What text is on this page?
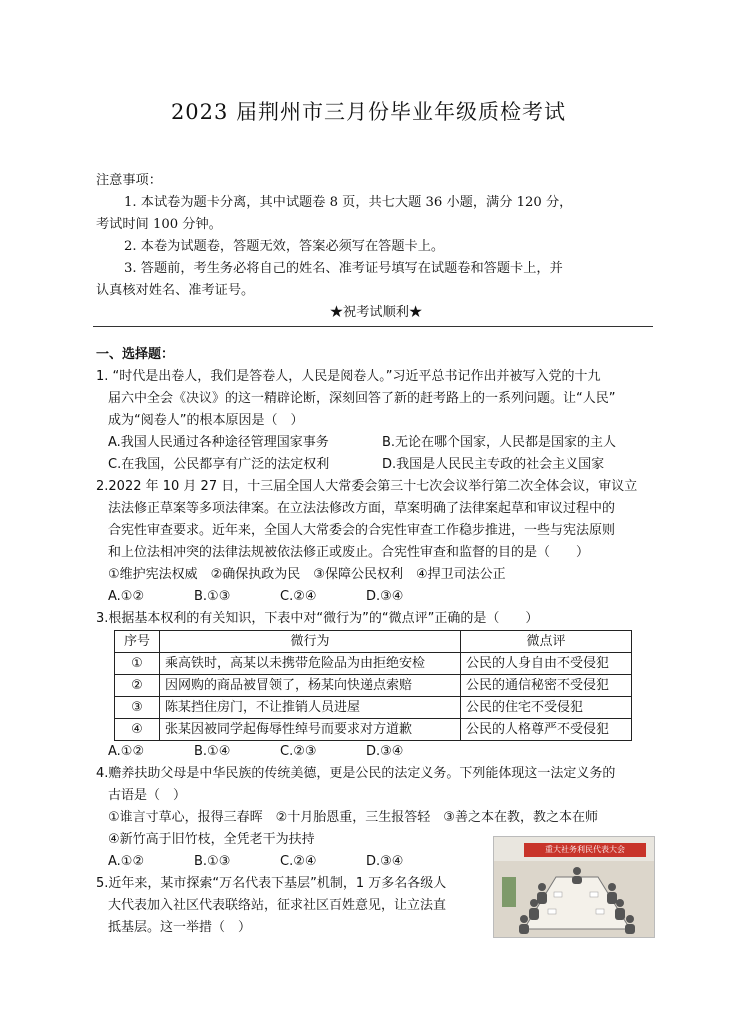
2023 届荆州市三月份毕业年级质检考试
注意事项：
1. 本试卷为题卡分离，其中试题卷 8 页，共七大题 36 小题，满分 120 分，
考试时间 100 分钟。
2. 本卷为试题卷，答题无效，答案必须写在答题卡上。
3. 答题前，考生务必将自己的姓名、准考证号填写在试题卷和答题卡上，并
认真核对姓名、准考证号。
★祝考试顺利★
一、选择题：
1. “时代是出卷人，我们是答卷人，人民是阅卷人。”习近平总书记作出并被写入党的十九
届六中全会《决议》的这一精辟论断，深刻回答了新的赶考路上的一系列问题。让“人民”
成为“阅卷人”的根本原因是（　）
A.我国人民通过各种途径管理国家事务	B.无论在哪个国家，人民都是国家的主人
C.在我国，公民都享有广泛的法定权利	D.我国是人民民主专政的社会主义国家
2.2022 年 10 月 27 日，十三届全国人大常委会第三十七次会议举行第二次全体会议，审议立
法法修正草案等多项法律案。在立法法修改方面，草案明确了法律案起草和审议过程中的
合宪性审查要求。近年来，全国人大常委会的合宪性审查工作稳步推进，一些与宪法原则
和上位法相冲突的法律法规被依法修正或废止。合宪性审查和监督的目的是（　　）
①维护宪法权威　②确保执政为民　③保障公民权利　④捍卫司法公正
A.①②	B.①③	C.②④	D.③④
3.根据基本权利的有关知识，下表中对“微行为”的“微点评”正确的是（　　）
序号	微行为	微点评
①	乘高铁时，高某以未携带危险品为由拒绝安检	公民的人身自由不受侵犯
②	因网购的商品被冒领了，杨某向快递点索赔	公民的通信秘密不受侵犯
③	陈某挡住房门，不让推销人员进屋	公民的住宅不受侵犯
④	张某因被同学起侮辱性绰号而要求对方道歉	公民的人格尊严不受侵犯
A.①②	B.①④	C.②③	D.③④
4.赡养扶助父母是中华民族的传统美德，更是公民的法定义务。下列能体现这一法定义务的
古语是（　）
①谁言寸草心，报得三春晖　②十月胎恩重，三生报答轻　③善之本在教，教之本在师
④新竹高于旧竹枝，全凭老干为扶持
A.①②	B.①③	C.②④	D.③④
5.近年来，某市探索“万名代表下基层”机制，1 万多名各级人
大代表加入社区代表联络站，征求社区百姓意见，让立法直
抵基层。这一举措（　）
重大社务利民代表大会
